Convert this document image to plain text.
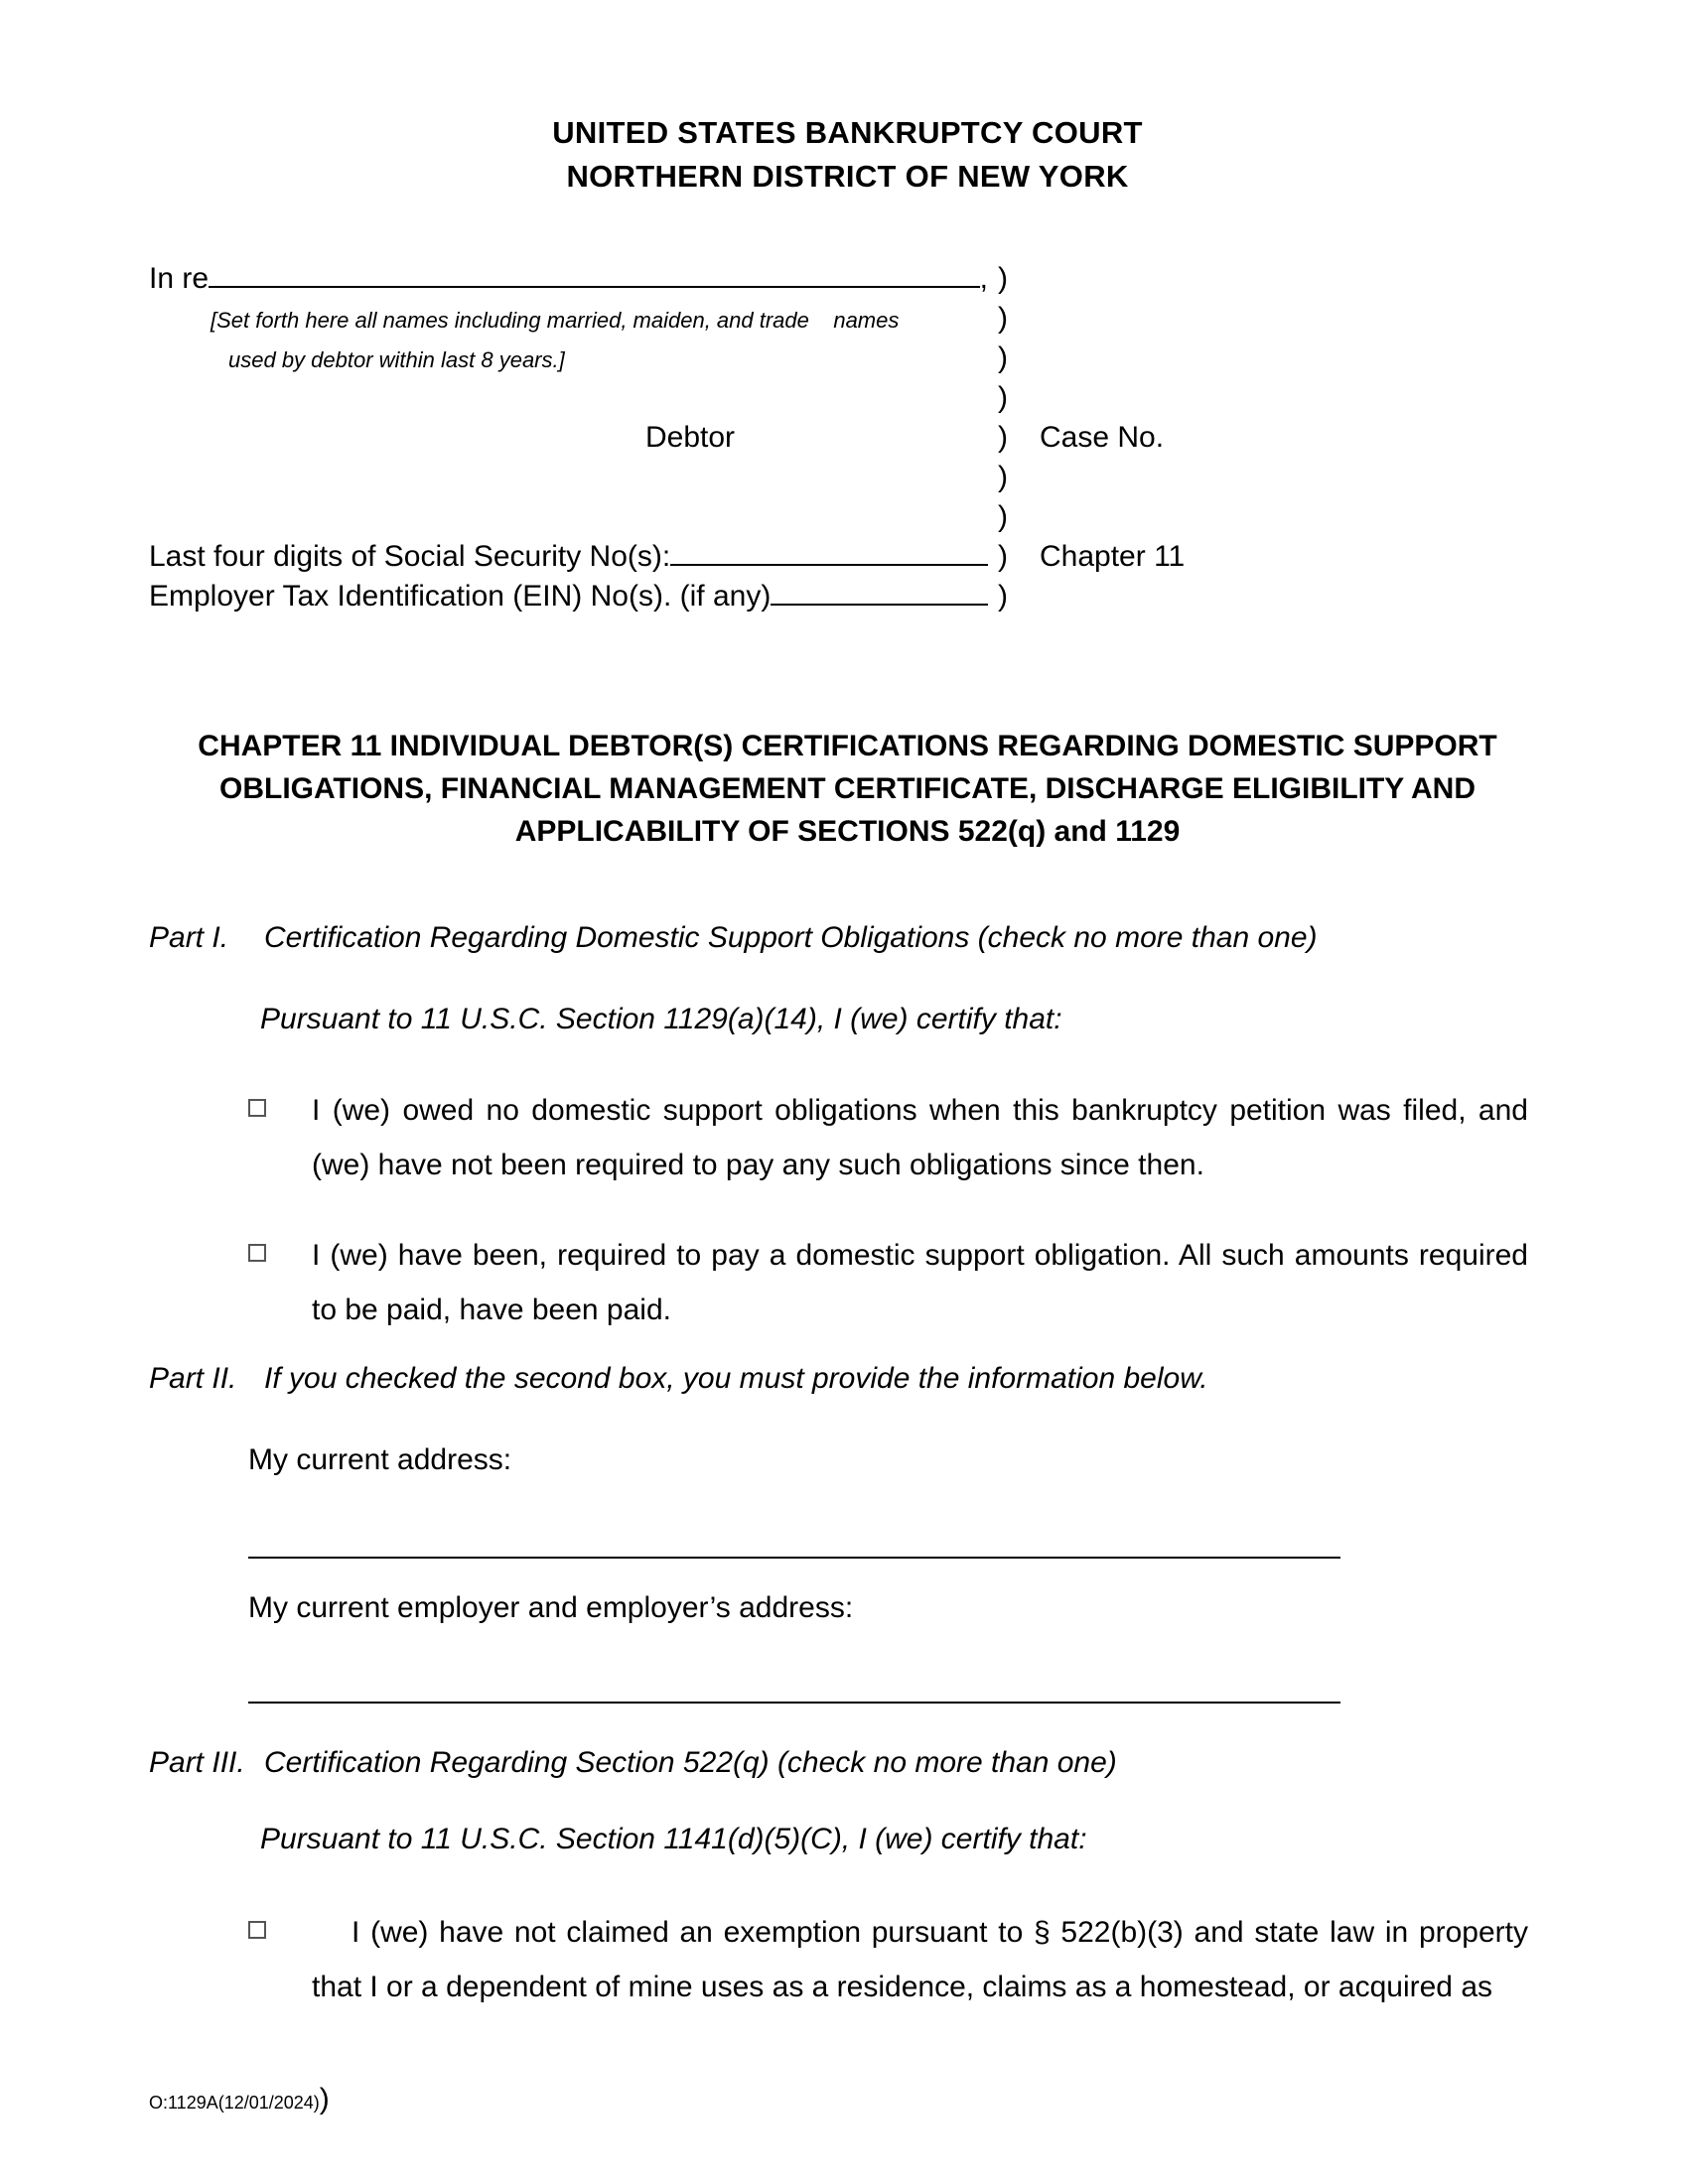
UNITED STATES BANKRUPTCY COURT
NORTHERN DISTRICT OF NEW YORK
In re	, )
[Set forth here all names including married, maiden, and trade    names	)
used by debtor within last 8 years.]	)
)
Debtor	)	Case No.
)
)
Last four digits of Social Security No(s):	)	Chapter 11
Employer Tax Identification (EIN) No(s). (if any)	)
CHAPTER 11 INDIVIDUAL DEBTOR(S) CERTIFICATIONS REGARDING DOMESTIC SUPPORT
OBLIGATIONS, FINANCIAL MANAGEMENT CERTIFICATE, DISCHARGE ELIGIBILITY AND
APPLICABILITY OF SECTIONS 522(q) and 1129
Part I.	Certification Regarding Domestic Support Obligations (check no more than one)
Pursuant to 11 U.S.C. Section 1129(a)(14), I (we) certify that:
I (we) owed no domestic support obligations when this bankruptcy petition was filed, and (we) have not been required to pay any such obligations since then.
I (we) have been, required to pay a domestic support obligation. All such amounts required to be paid, have been paid.
Part II. If you checked the second box, you must provide the information below.
My current address:
My current employer and employer’s address:
Part III. Certification Regarding Section 522(q) (check no more than one)
Pursuant to 11 U.S.C. Section 1141(d)(5)(C), I (we) certify that:
I (we) have not claimed an exemption pursuant to § 522(b)(3) and state law in property that I or a dependent of mine uses as a residence, claims as a homestead, or acquired as
O:1129A(12/01/2024) )
